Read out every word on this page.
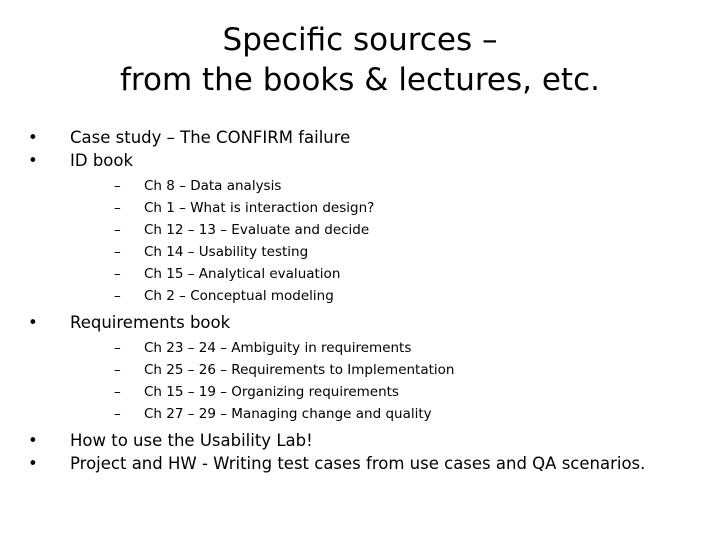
Specific sources –
from the books & lectures, etc.
• Case study – The CONFIRM failure
• ID book
– Ch 8 – Data analysis
– Ch 1 – What is interaction design?
– Ch 12 – 13 – Evaluate and decide
– Ch 14 – Usability testing
– Ch 15 – Analytical evaluation
– Ch 2 – Conceptual modeling
• Requirements book
– Ch 23 – 24 – Ambiguity in requirements
– Ch 25 – 26 – Requirements to Implementation
– Ch 15 – 19 – Organizing requirements
– Ch 27 – 29 – Managing change and quality
• How to use the Usability Lab!
• Project and HW - Writing test cases from use cases and QA scenarios.
